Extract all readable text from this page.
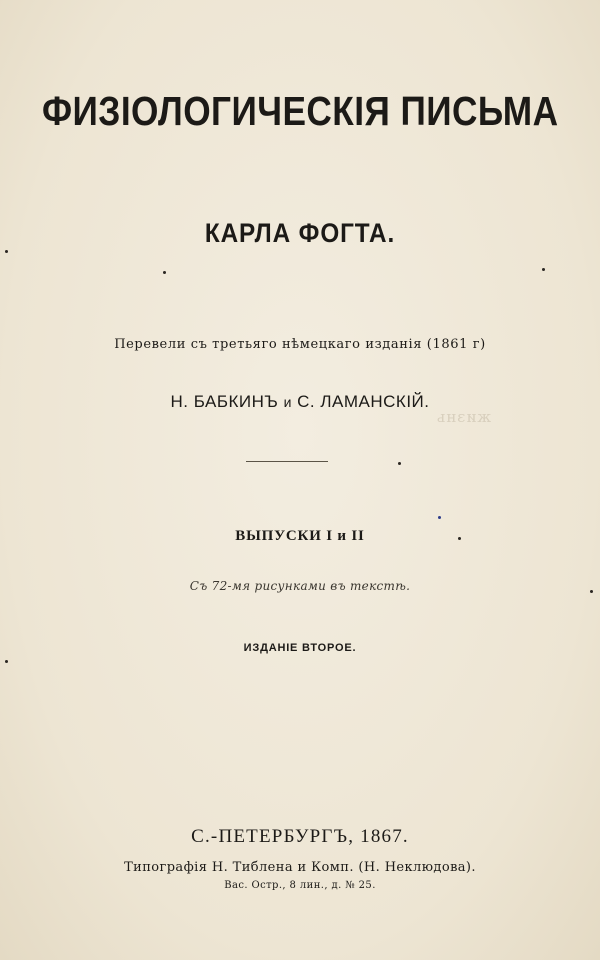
ФИЗІОЛОГИЧЕСКІЯ ПИСЬМА
КАРЛА ФОГТА.
Перевели съ третьяго нѣмецкаго изданія (1861 г)
Н. БАБКИНЪ и С. ЛАМАНСКІЙ.
жизнь
ВЫПУСКИ I и II
Съ 72-мя рисунками въ текстѣ.
ИЗДАНІЕ ВТОРОЕ.
С.-ПЕТЕРБУРГЪ, 1867.
Типографія Н. Тиблена и Комп. (Н. Неклюдова).
Вас. Остр., 8 лин., д. № 25.
